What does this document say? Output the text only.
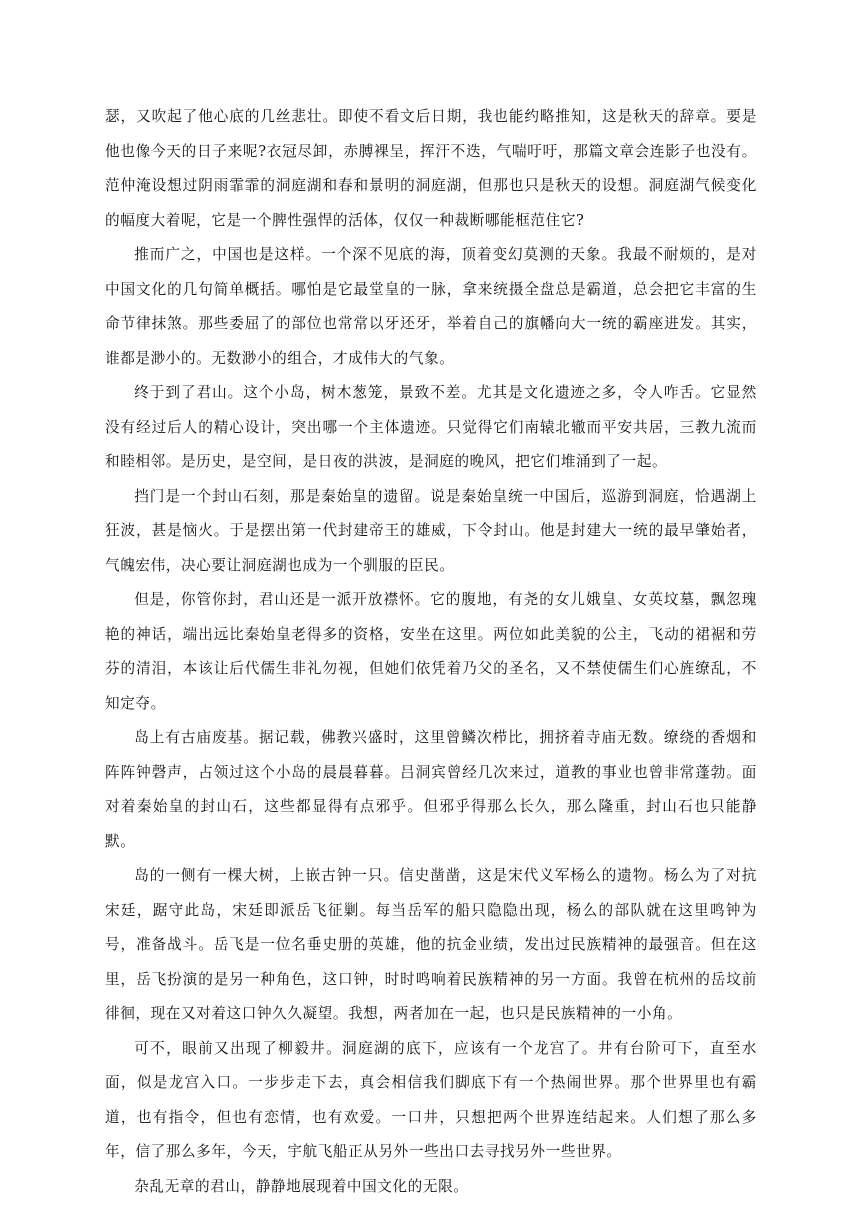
瑟，又吹起了他心底的几丝悲壮。即使不看文后日期，我也能约略推知，这是秋天的辞章。要是他也像今天的日子来呢?衣冠尽卸，赤膊裸呈，挥汗不迭，气喘吁吁，那篇文章会连影子也没有。范仲淹设想过阴雨霏霏的洞庭湖和春和景明的洞庭湖，但那也只是秋天的设想。洞庭湖气候变化的幅度大着呢，它是一个脾性强悍的活体，仅仅一种裁断哪能框范住它?

推而广之，中国也是这样。一个深不见底的海，顶着变幻莫测的天象。我最不耐烦的，是对中国文化的几句简单概括。哪怕是它最堂皇的一脉，拿来统摄全盘总是霸道，总会把它丰富的生命节律抹煞。那些委屈了的部位也常常以牙还牙，举着自己的旗幡向大一统的霸座进发。其实，谁都是渺小的。无数渺小的组合，才成伟大的气象。

终于到了君山。这个小岛，树木葱笼，景致不差。尤其是文化遗迹之多，令人咋舌。它显然没有经过后人的精心设计，突出哪一个主体遗迹。只觉得它们南辕北辙而平安共居，三教九流而和睦相邻。是历史，是空间，是日夜的洪波，是洞庭的晚风，把它们堆涌到了一起。

挡门是一个封山石刻，那是秦始皇的遗留。说是秦始皇统一中国后，巡游到洞庭，恰遇湖上狂波，甚是恼火。于是摆出第一代封建帝王的雄威，下令封山。他是封建大一统的最早肇始者，气魄宏伟，决心要让洞庭湖也成为一个驯服的臣民。

但是，你管你封，君山还是一派开放襟怀。它的腹地，有尧的女儿娥皇、女英坟墓，飘忽瑰艳的神话，端出远比秦始皇老得多的资格，安坐在这里。两位如此美貌的公主，飞动的裙裾和劳芬的清泪，本该让后代儒生非礼勿视，但她们依凭着乃父的圣名，又不禁使儒生们心旌缭乱，不知定夺。

岛上有古庙废基。据记载，佛教兴盛时，这里曾鳞次栉比，拥挤着寺庙无数。缭绕的香烟和阵阵钟磬声，占领过这个小岛的晨晨暮暮。吕洞宾曾经几次来过，道教的事业也曾非常蓬勃。面对着秦始皇的封山石，这些都显得有点邪乎。但邪乎得那么长久，那么隆重，封山石也只能静默。

岛的一侧有一棵大树，上嵌古钟一只。信史凿凿，这是宋代义军杨么的遗物。杨么为了对抗宋廷，踞守此岛，宋廷即派岳飞征剿。每当岳军的船只隐隐出现，杨么的部队就在这里鸣钟为号，准备战斗。岳飞是一位名垂史册的英雄，他的抗金业绩，发出过民族精神的最强音。但在这里，岳飞扮演的是另一种角色，这口钟，时时鸣响着民族精神的另一方面。我曾在杭州的岳坟前徘徊，现在又对着这口钟久久凝望。我想，两者加在一起，也只是民族精神的一小角。

可不，眼前又出现了柳毅井。洞庭湖的底下，应该有一个龙宫了。井有台阶可下，直至水面，似是龙宫入口。一步步走下去，真会相信我们脚底下有一个热闹世界。那个世界里也有霸道，也有指令，但也有恋情，也有欢爱。一口井，只想把两个世界连结起来。人们想了那么多年，信了那么多年，今天，宇航飞船正从另外一些出口去寻找另外一些世界。

杂乱无章的君山，静静地展现着中国文化的无限。
